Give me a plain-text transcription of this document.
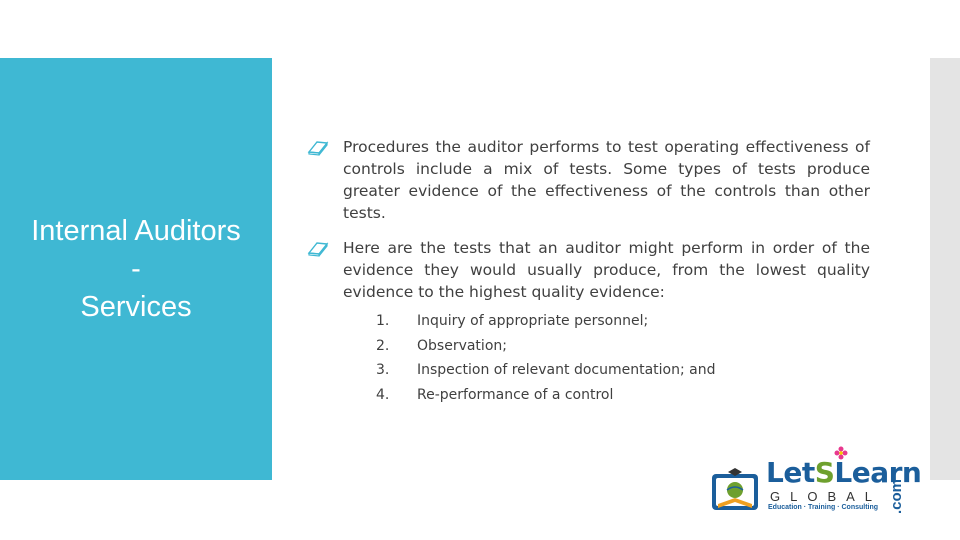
Internal Auditors
-
Services
Procedures the auditor performs to test operating effectiveness of controls include a mix of tests. Some types of tests produce greater evidence of the effectiveness of the controls than other tests.
Here are the tests that an auditor might perform in order of the evidence they would usually produce, from the lowest quality evidence to the highest quality evidence:
1.	Inquiry of appropriate personnel;
2.	Observation;
3.	Inspection of relevant documentation; and
4.	Re-performance of a control
LetSLearn
GLOBAL
Education · Training · Consulting .com
